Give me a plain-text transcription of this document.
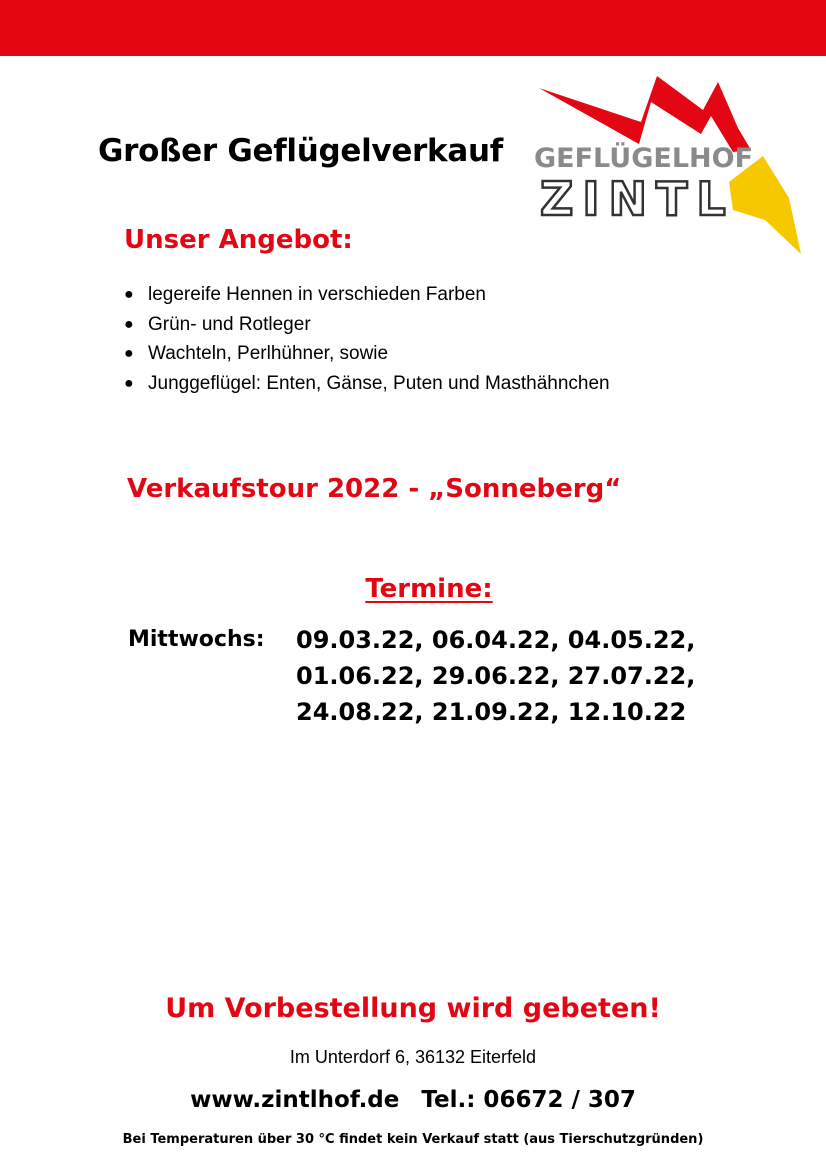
Großer Geflügelverkauf GEFLÜGELHOF
ZINTL
Unser Angebot:
● legereife Hennen in verschieden Farben
● Grün- und Rotleger
● Wachteln, Perlhühner, sowie
● Junggeflügel: Enten, Gänse, Puten und Masthähnchen
Verkaufstour 2022 - „Sonneberg“
Termine:
Mittwochs: 09.03.22, 06.04.22, 04.05.22,
01.06.22, 29.06.22, 27.07.22,
24.08.22, 21.09.22, 12.10.22
Um Vorbestellung wird gebeten!
Im Unterdorf 6, 36132 Eiterfeld
www.zintlhof.de Tel.: 06672 / 307
Bei Temperaturen über 30 °C findet kein Verkauf statt (aus Tierschutzgründen)
